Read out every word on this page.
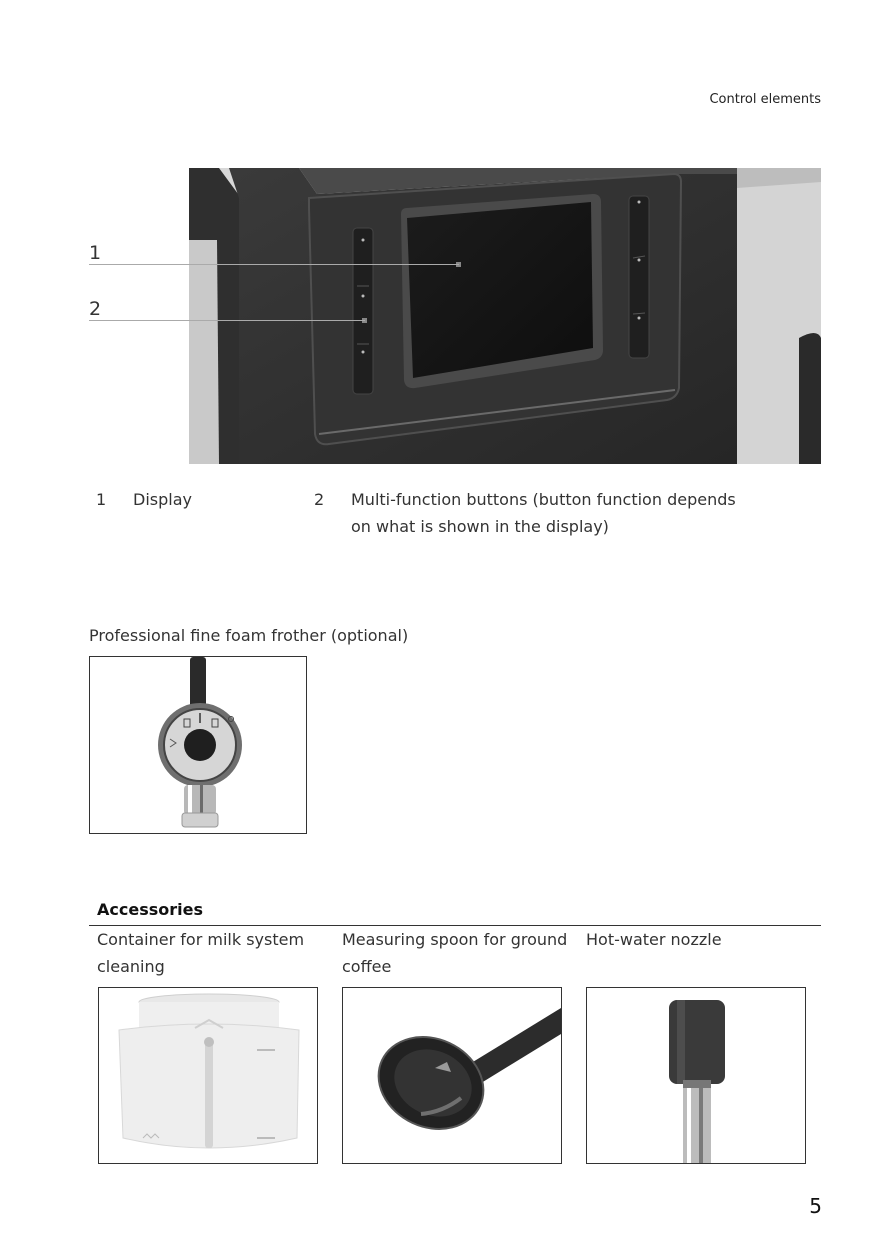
Control elements
1
2
1 Display	2 Multi-function buttons (button function depends
on what is shown in the display)
Professional fine foam frother (optional)
Accessories
Container for milk system
cleaning
Measuring spoon for ground
coffee
Hot-water nozzle
5
